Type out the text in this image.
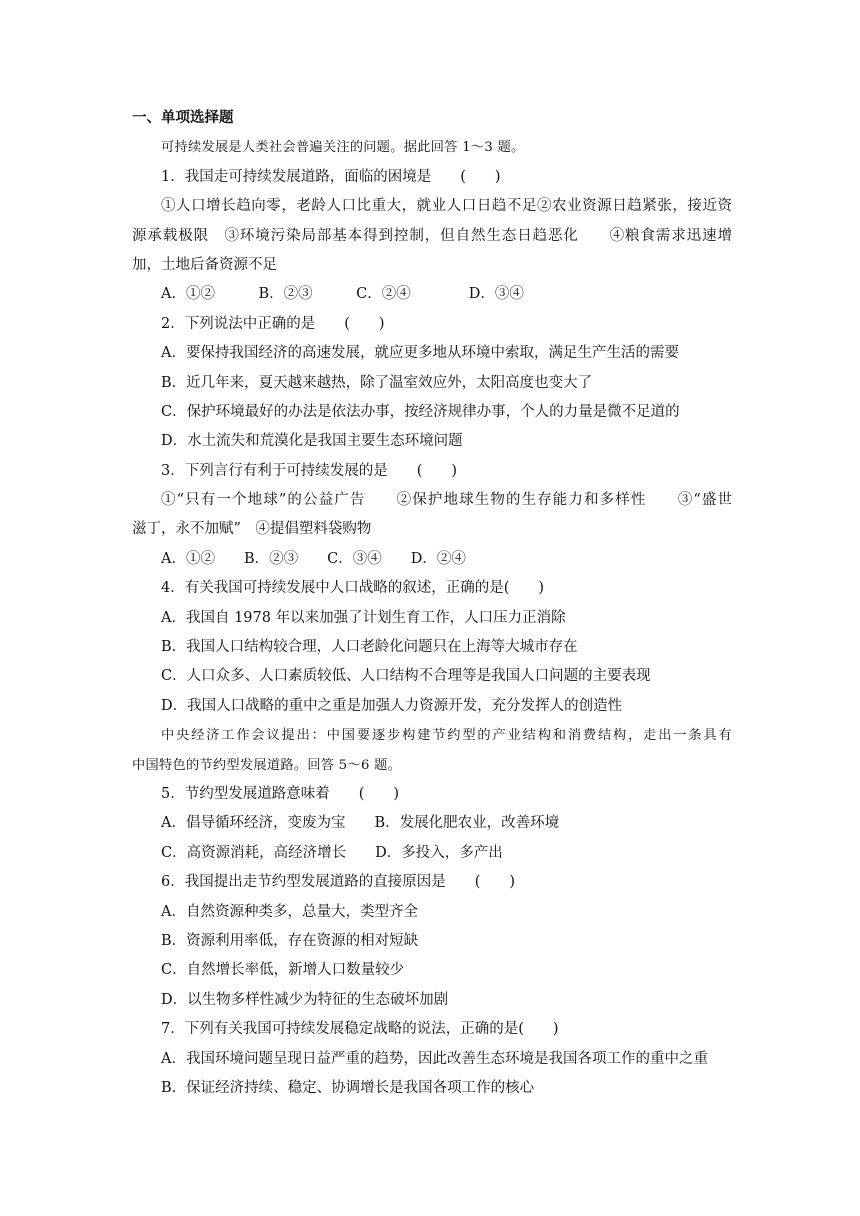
一、单项选择题
可持续发展是人类社会普遍关注的问题。据此回答 1～3 题。
1．我国走可持续发展道路，面临的困境是　　(　　)
①人口增长趋向零，老龄人口比重大，就业人口日趋不足②农业资源日趋紧张，接近资
源承载极限　③环境污染局部基本得到控制，但自然生态日趋恶化　　④粮食需求迅速增
加，土地后备资源不足
A．①②　　　B．②③　　　C．②④　　　　D．③④
2．下列说法中正确的是　　(　　)
A．要保持我国经济的高速发展，就应更多地从环境中索取，满足生产生活的需要
B．近几年来，夏天越来越热，除了温室效应外，太阳高度也变大了
C．保护环境最好的办法是依法办事，按经济规律办事，个人的力量是微不足道的
D．水土流失和荒漠化是我国主要生态环境问题
3．下列言行有利于可持续发展的是　　(　　)
①“只有一个地球”的公益广告　　②保护地球生物的生存能力和多样性　　③“盛世
滋丁，永不加赋”　④提倡塑料袋购物
A．①②　　B．②③　　C．③④　　D．②④
4．有关我国可持续发展中人口战略的叙述，正确的是(　　)
A．我国自 1978 年以来加强了计划生育工作，人口压力正消除
B．我国人口结构较合理，人口老龄化问题只在上海等大城市存在
C．人口众多、人口素质较低、人口结构不合理等是我国人口问题的主要表现
D．我国人口战略的重中之重是加强人力资源开发，充分发挥人的创造性
中央经济工作会议提出：中国要逐步构建节约型的产业结构和消费结构，走出一条具有
中国特色的节约型发展道路。回答 5～6 题。
5．节约型发展道路意味着　　(　　)
A．倡导循环经济，变废为宝　　B．发展化肥农业，改善环境
C．高资源消耗，高经济增长　　D．多投入，多产出
6．我国提出走节约型发展道路的直接原因是　　(　　)
A．自然资源种类多，总量大，类型齐全
B．资源利用率低，存在资源的相对短缺
C．自然增长率低，新增人口数量较少
D．以生物多样性减少为特征的生态破坏加剧
7．下列有关我国可持续发展稳定战略的说法，正确的是(　　)
A．我国环境问题呈现日益严重的趋势，因此改善生态环境是我国各项工作的重中之重
B．保证经济持续、稳定、协调增长是我国各项工作的核心
